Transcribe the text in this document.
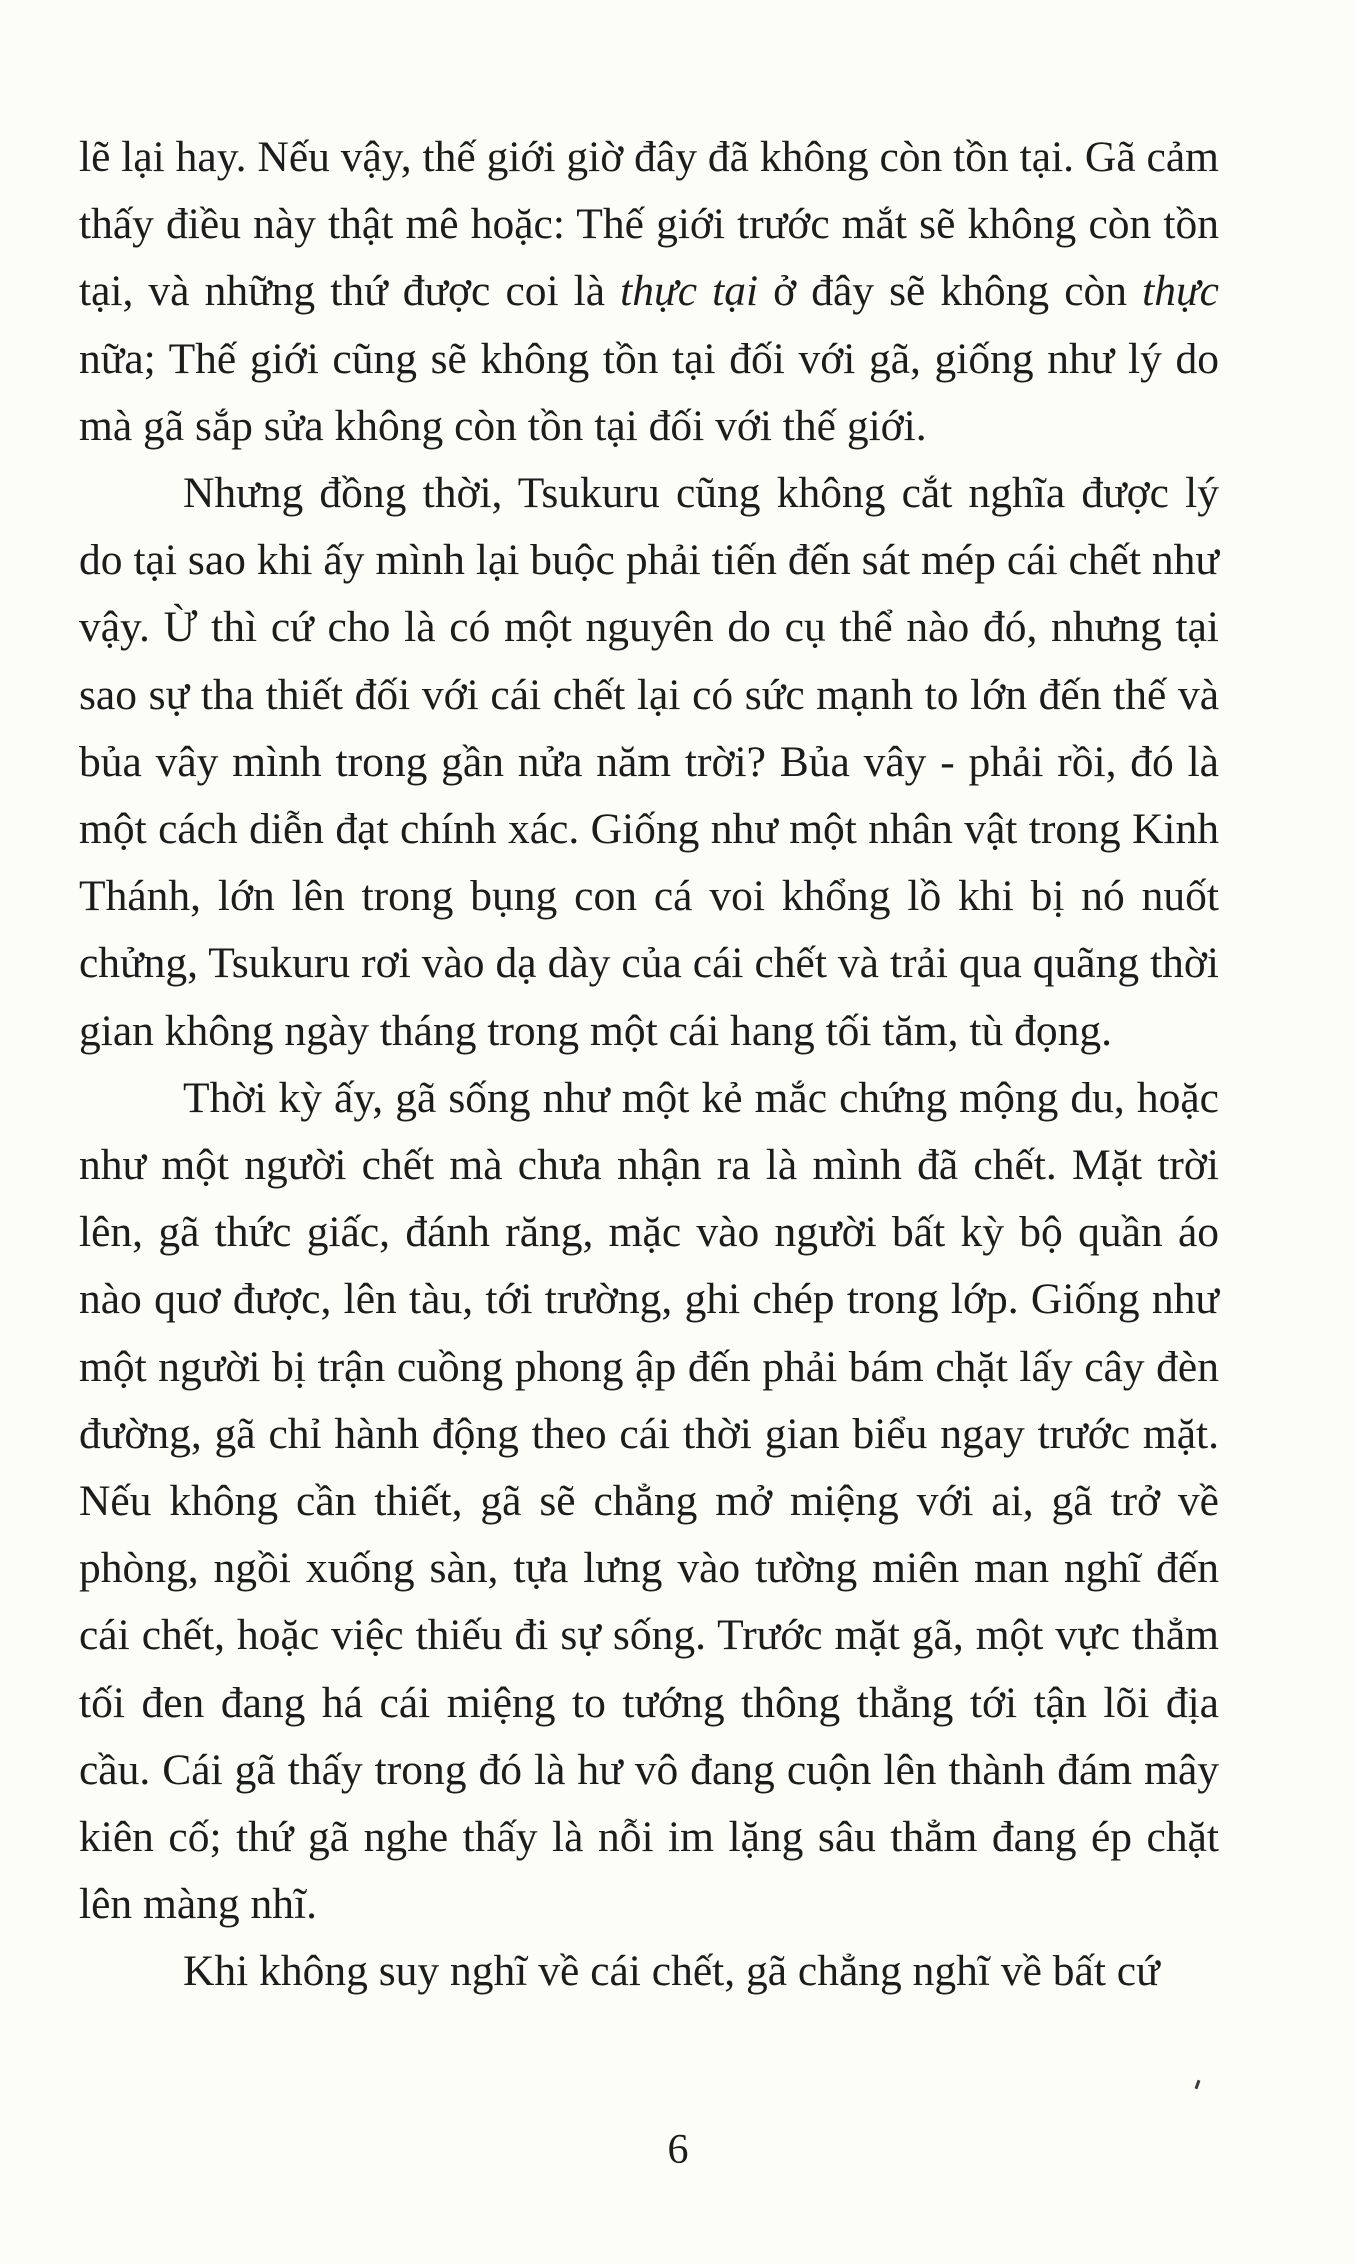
lẽ lại hay. Nếu vậy, thế giới giờ đây đã không còn tồn tại. Gã cảm thấy điều này thật mê hoặc: Thế giới trước mắt sẽ không còn tồn tại, và những thứ được coi là thực tại ở đây sẽ không còn thực nữa; Thế giới cũng sẽ không tồn tại đối với gã, giống như lý do mà gã sắp sửa không còn tồn tại đối với thế giới.

Nhưng đồng thời, Tsukuru cũng không cắt nghĩa được lý do tại sao khi ấy mình lại buộc phải tiến đến sát mép cái chết như vậy. Ừ thì cứ cho là có một nguyên do cụ thể nào đó, nhưng tại sao sự tha thiết đối với cái chết lại có sức mạnh to lớn đến thế và bủa vây mình trong gần nửa năm trời? Bủa vây - phải rồi, đó là một cách diễn đạt chính xác. Giống như một nhân vật trong Kinh Thánh, lớn lên trong bụng con cá voi khổng lồ khi bị nó nuốt chửng, Tsukuru rơi vào dạ dày của cái chết và trải qua quãng thời gian không ngày tháng trong một cái hang tối tăm, tù đọng.

Thời kỳ ấy, gã sống như một kẻ mắc chứng mộng du, hoặc như một người chết mà chưa nhận ra là mình đã chết. Mặt trời lên, gã thức giấc, đánh răng, mặc vào người bất kỳ bộ quần áo nào quơ được, lên tàu, tới trường, ghi chép trong lớp. Giống như một người bị trận cuồng phong ập đến phải bám chặt lấy cây đèn đường, gã chỉ hành động theo cái thời gian biểu ngay trước mặt. Nếu không cần thiết, gã sẽ chẳng mở miệng với ai, gã trở về phòng, ngồi xuống sàn, tựa lưng vào tường miên man nghĩ đến cái chết, hoặc việc thiếu đi sự sống. Trước mặt gã, một vực thẳm tối đen đang há cái miệng to tướng thông thẳng tới tận lõi địa cầu. Cái gã thấy trong đó là hư vô đang cuộn lên thành đám mây kiên cố; thứ gã nghe thấy là nỗi im lặng sâu thẳm đang ép chặt lên màng nhĩ.

Khi không suy nghĩ về cái chết, gã chẳng nghĩ về bất cứ

6
